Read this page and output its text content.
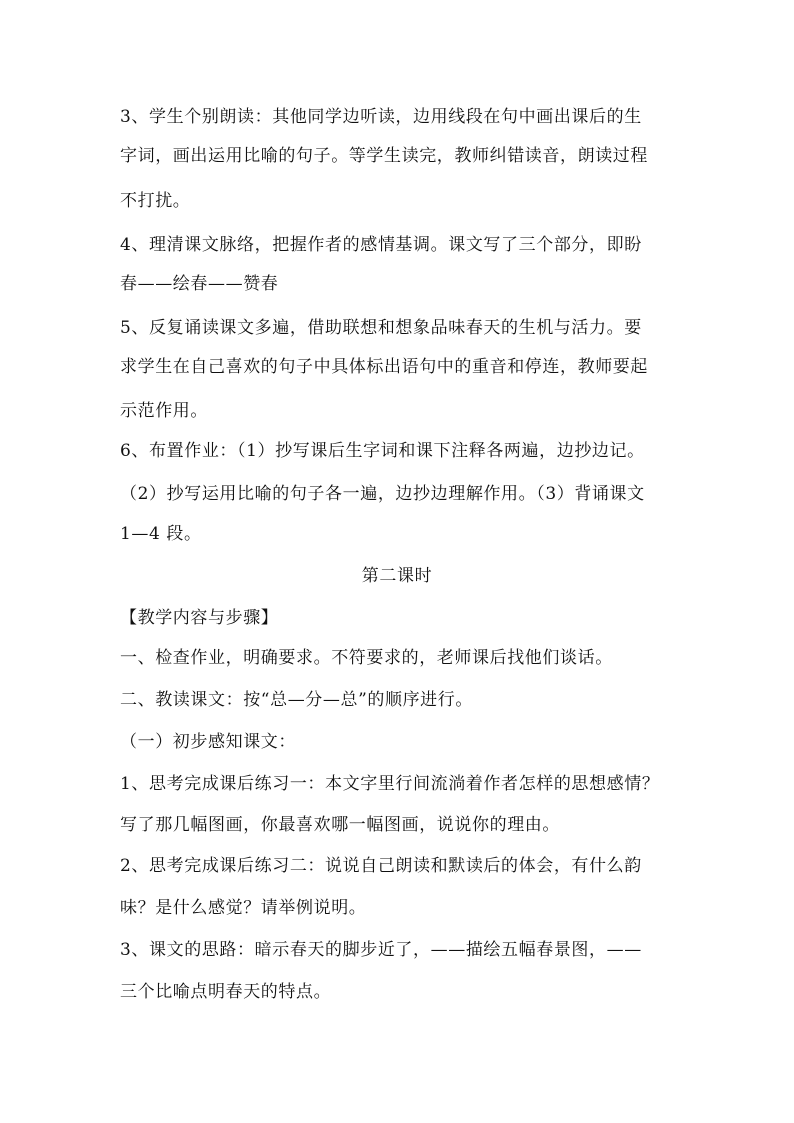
3、学生个别朗读：其他同学边听读，边用线段在句中画出课后的生
字词，画出运用比喻的句子。等学生读完，教师纠错读音，朗读过程
不打扰。
4、理清课文脉络，把握作者的感情基调。课文写了三个部分，即盼
春——绘春——赞春
5、反复诵读课文多遍，借助联想和想象品味春天的生机与活力。要
求学生在自己喜欢的句子中具体标出语句中的重音和停连，教师要起
示范作用。
6、布置作业：（1）抄写课后生字词和课下注释各两遍，边抄边记。
（2）抄写运用比喻的句子各一遍，边抄边理解作用。（3）背诵课文
1—4 段。
第二课时
【教学内容与步骤】
一、检查作业，明确要求。不符要求的，老师课后找他们谈话。
二、教读课文：按“总—分—总”的顺序进行。
（一）初步感知课文：
1、思考完成课后练习一：本文字里行间流淌着作者怎样的思想感情？
写了那几幅图画，你最喜欢哪一幅图画，说说你的理由。
2、思考完成课后练习二：说说自己朗读和默读后的体会，有什么韵
味？是什么感觉？请举例说明。
3、课文的思路：暗示春天的脚步近了，——描绘五幅春景图，——
三个比喻点明春天的特点。
